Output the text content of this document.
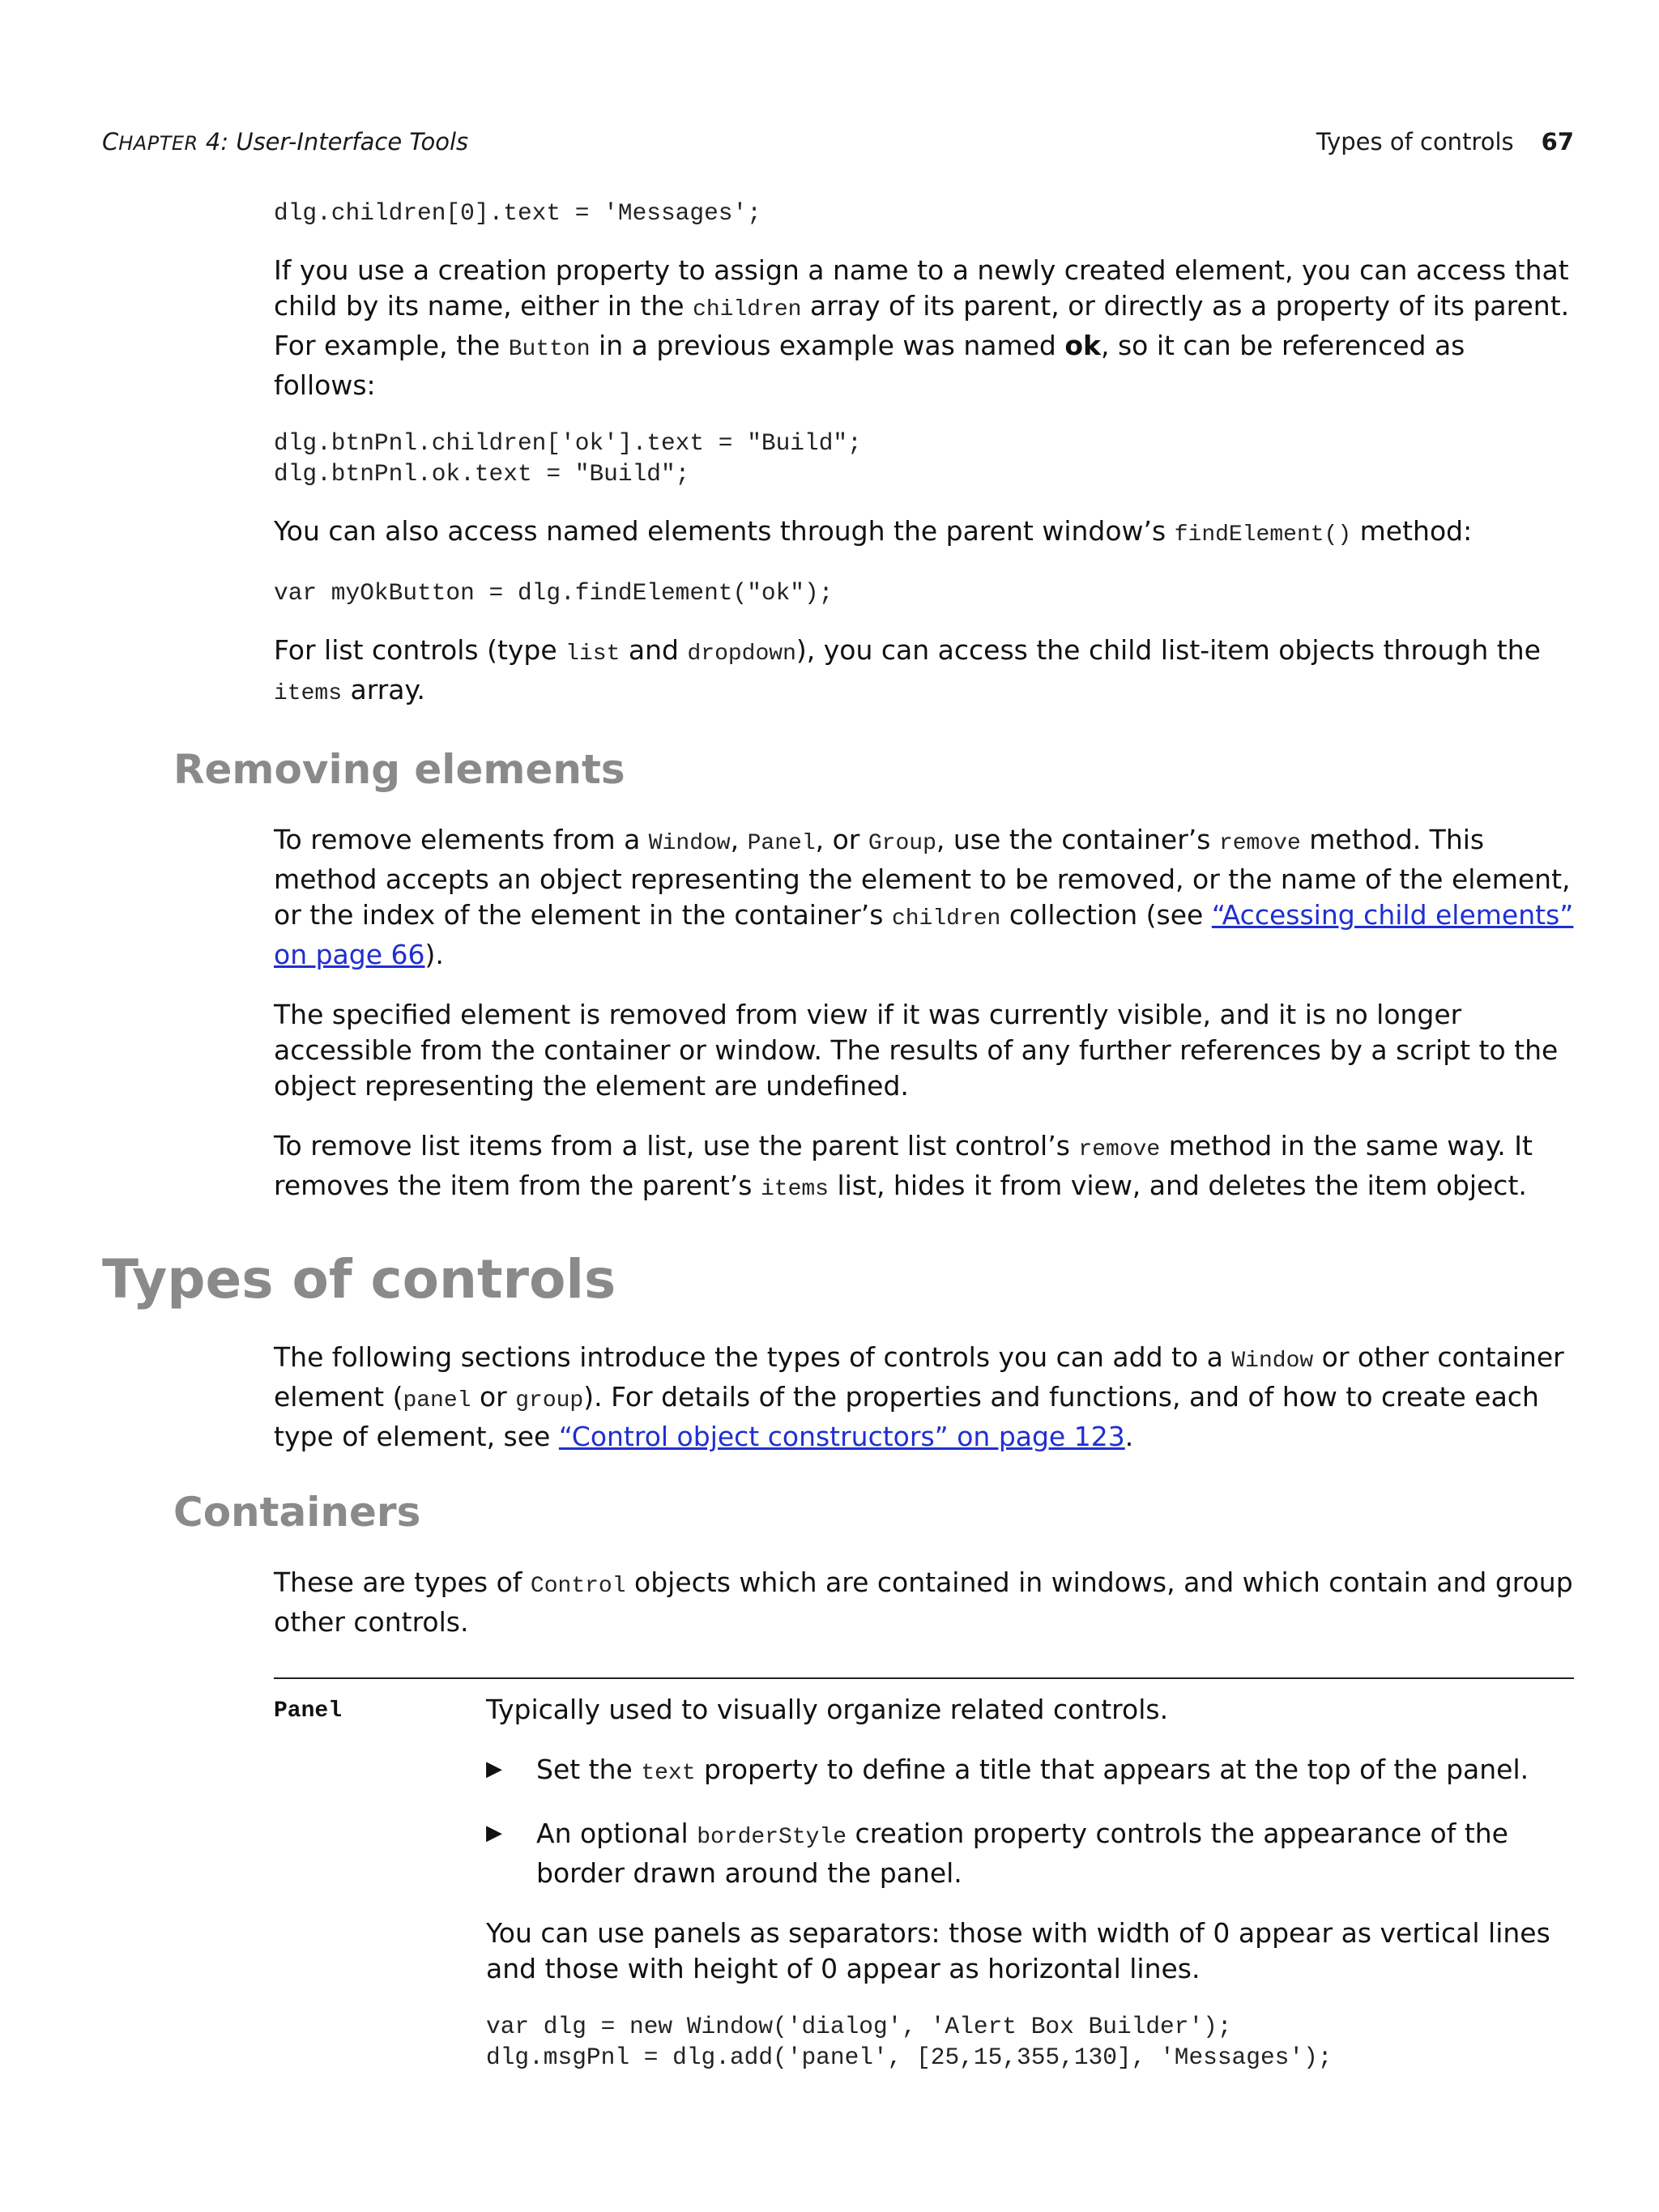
CHAPTER 4: User-Interface Tools	Types of controls 67
dlg.children[0].text = 'Messages';

If you use a creation property to assign a name to a newly created element, you can access that child by its name, either in the children array of its parent, or directly as a property of its parent. For example, the Button in a previous example was named ok, so it can be referenced as follows:

dlg.btnPnl.children['ok'].text = "Build";
dlg.btnPnl.ok.text = "Build";

You can also access named elements through the parent window’s findElement() method:

var myOkButton = dlg.findElement("ok");

For list controls (type list and dropdown), you can access the child list-item objects through the items array.

Removing elements

To remove elements from a Window, Panel, or Group, use the container’s remove method. This method accepts an object representing the element to be removed, or the name of the element, or the index of the element in the container’s children collection (see “Accessing child elements” on page 66).

The specified element is removed from view if it was currently visible, and it is no longer accessible from the container or window. The results of any further references by a script to the object representing the element are undefined.

To remove list items from a list, use the parent list control’s remove method in the same way. It removes the item from the parent’s items list, hides it from view, and deletes the item object.

Types of controls

The following sections introduce the types of controls you can add to a Window or other container element (panel or group). For details of the properties and functions, and of how to create each type of element, see “Control object constructors” on page 123.

Containers

These are types of Control objects which are contained in windows, and which contain and group other controls.

Panel	Typically used to visually organize related controls.

▶	Set the text property to define a title that appears at the top of the panel.
▶	An optional borderStyle creation property controls the appearance of the border drawn around the panel.

You can use panels as separators: those with width of 0 appear as vertical lines and those with height of 0 appear as horizontal lines.

var dlg = new Window('dialog', 'Alert Box Builder');
dlg.msgPnl = dlg.add('panel', [25,15,355,130], 'Messages');
